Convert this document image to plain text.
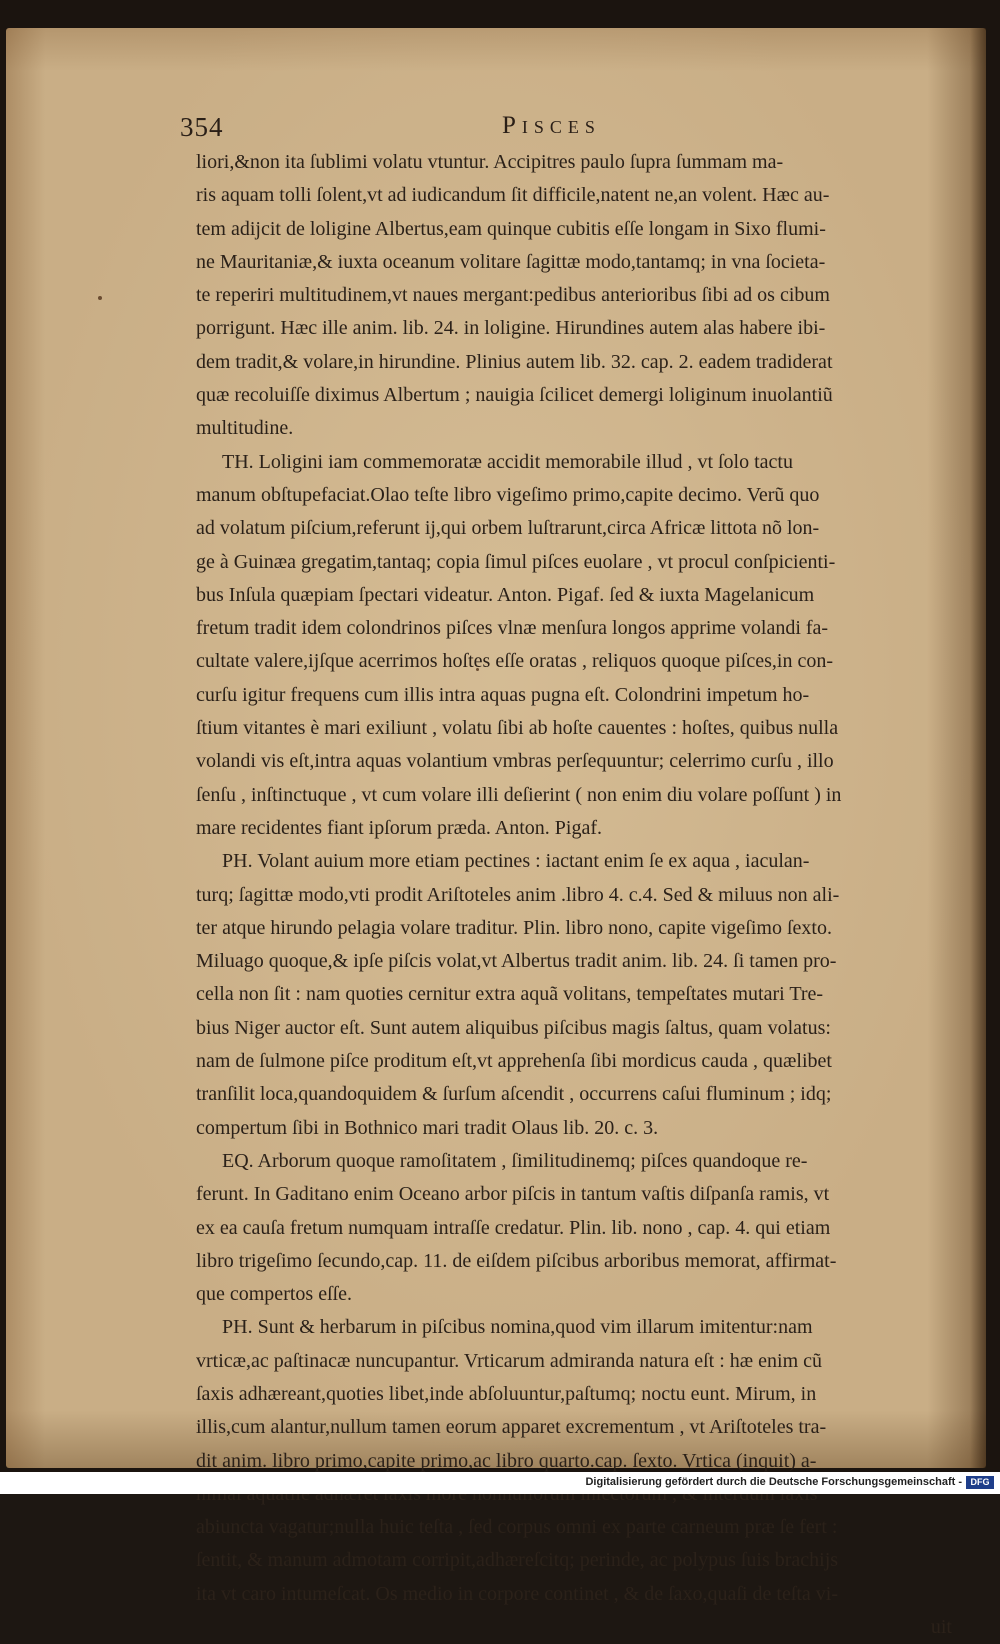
354	Pisces
liori,&non ita ſublimi volatu vtuntur. Accipitres paulo ſupra ſummam ma-
ris aquam tolli ſolent,vt ad iudicandum ſit difficile,natent ne,an volent. Hæc au-
tem adijcit de loligine Albertus,eam quinque cubitis eſſe longam in Sixo flumi-
ne Mauritaniæ,& iuxta oceanum volitare ſagittæ modo,tantamq; in vna ſocieta-
te reperiri multitudinem,vt naues mergant:pedibus anterioribus ſibi ad os cibum
porrigunt. Hæc ille anim. lib. 24. in loligine. Hirundines autem alas habere ibi-
dem tradit,& volare,in hirundine. Plinius autem lib. 32. cap. 2. eadem tradiderat
quæ recoluiſſe diximus Albertum ; nauigia ſcilicet demergi loliginum inuolantiũ
multitudine.
TH. Loligini iam commemoratæ accidit memorabile illud , vt ſolo tactu
manum obſtupefaciat.Olao teſte libro vigeſimo primo,capite decimo. Verũ quo
ad volatum piſcium,referunt ij,qui orbem luſtrarunt,circa Africæ littota nõ lon-
ge à Guinæa gregatim,tantaq; copia ſimul piſces euolare , vt procul conſpicienti-
bus Inſula quæpiam ſpectari videatur. Anton. Pigaf. ſed & iuxta Magelanicum
fretum tradit idem colondrinos piſces vlnæ menſura longos apprime volandi fa-
cultate valere,ijſque acerrimos hoſtes eſſe oratas , reliquos quoque piſces,in con-
curſu igitur frequens cum illis intra aquas pugna eſt. Colondrini impetum ho-
ſtium vitantes è mari exiliunt , volatu ſibi ab hoſte cauentes : hoſtes, quibus nulla
volandi vis eſt,intra aquas volantium vmbras perſequuntur; celerrimo curſu , illo
ſenſu , inſtinctuque , vt cum volare illi deſierint ( non enim diu volare poſſunt ) in
mare recidentes fiant ipſorum præda. Anton. Pigaf.
PH. Volant auium more etiam pectines : iactant enim ſe ex aqua , iaculan-
turq; ſagittæ modo,vti prodit Ariſtoteles anim .libro 4. c.4. Sed & miluus non ali-
ter atque hirundo pelagia volare traditur. Plin. libro nono, capite vigeſimo ſexto.
Miluago quoque,& ipſe piſcis volat,vt Albertus tradit anim. lib. 24. ſi tamen pro-
cella non ſit : nam quoties cernitur extra aquã volitans, tempeſtates mutari Tre-
bius Niger auctor eſt. Sunt autem aliquibus piſcibus magis ſaltus, quam volatus:
nam de ſulmone piſce proditum eſt,vt apprehenſa ſibi mordicus cauda , quælibet
tranſilit loca,quandoquidem & ſurſum aſcendit , occurrens caſui fluminum ; idq;
compertum ſibi in Bothnico mari tradit Olaus lib. 20. c. 3.
EQ. Arborum quoque ramoſitatem , ſimilitudinemq; piſces quandoque re-
ferunt. In Gaditano enim Oceano arbor piſcis in tantum vaſtis diſpanſa ramis, vt
ex ea cauſa fretum numquam intraſſe credatur. Plin. lib. nono , cap. 4. qui etiam
libro trigeſimo ſecundo,cap. 11. de eiſdem piſcibus arboribus memorat, affirmat-
que compertos eſſe.
PH. Sunt & herbarum in piſcibus nomina,quod vim illarum imitentur:nam
vrticæ,ac paſtinacæ nuncupantur. Vrticarum admiranda natura eſt : hæ enim cũ
ſaxis adhæreant,quoties libet,inde abſoluuntur,paſtumq; noctu eunt. Mirum, in
illis,cum alantur,nullum tamen eorum apparet excrementum , vt Ariſtoteles tra-
dit anim. libro primo,capite primo,ac libro quarto.cap. ſexto. Vrtica (inquit) a-
abiuncta vagatur;nulla huic teſta , ſed corpus omni ex parte carneum præ ſe fert :
ſentit, & manum admotam corripit,adhæreſcitq; perinde, ac polypus ſuis brachijs
ita vt caro intumeſcat. Os medio in corpore continet , & de ſaxo,quaſi de teſta vi-
uit
Digitalisierung gefördert durch die Deutsche Forschungsgemeinschaft - DFG
